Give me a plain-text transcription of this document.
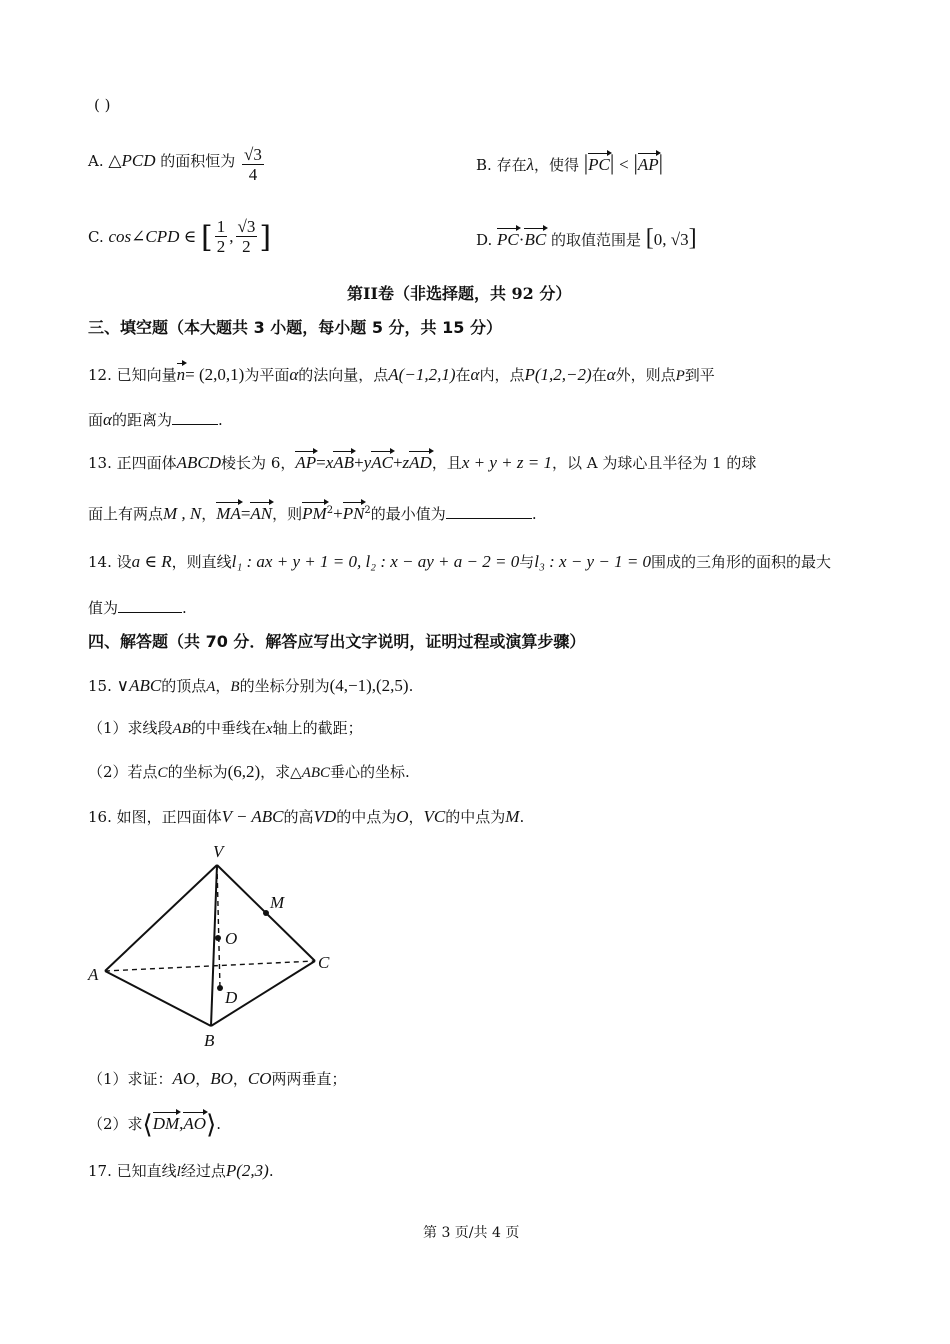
( )
A. △PCD 的面积恒为 $\frac{√3}{4}$	B. 存在λ，使得 |PC| < |AP|
C. cos∠CPD ∈ [ $\frac{1}{2}$ , $\frac{√3}{2}$ ]	D. PC·BC 的取值范围是 [0, √3]
第II卷（非选择题，共 92 分）
三、填空题（本大题共 3 小题，每小题 5 分，共 15 分）
12. 已知向量n= (2,0,1)为平面α的法向量，点A(−1,2,1)在α内，点P(1,2,−2)在α外，则点P到平
面α的距离为	.
13. 正四面体ABCD棱长为 6，AP=xAB+yAC+zAD，且x + y + z = 1，以 A 为球心且半径为 1 的球
面上有两点M , N，MA=AN，则$PM^2+PN^2$的最小值为	.
14. 设a ∈ R，则直线l₁ : ax + y + 1 = 0, l₂ : x − ay + a − 2 = 0与l₃ : x − y − 1 = 0围成的三角形的面积的最大
值为	.
四、解答题（共 70 分．解答应写出文字说明，证明过程或演算步骤）
15. ∨ABC的顶点A，B的坐标分别为(4,−1),(2,5).
（1）求线段AB的中垂线在x轴上的截距；
（2）若点C的坐标为(6,2)，求△ABC垂心的坐标.
16. 如图，正四面体V − ABC的高VD的中点为O，VC的中点为M.
V
M
O
A
C
D
B
（1）求证：AO，BO，CO两两垂直；
（2）求⟨DM,AO⟩.
17. 已知直线l经过点P(2,3).
第 3 页/共 4 页
